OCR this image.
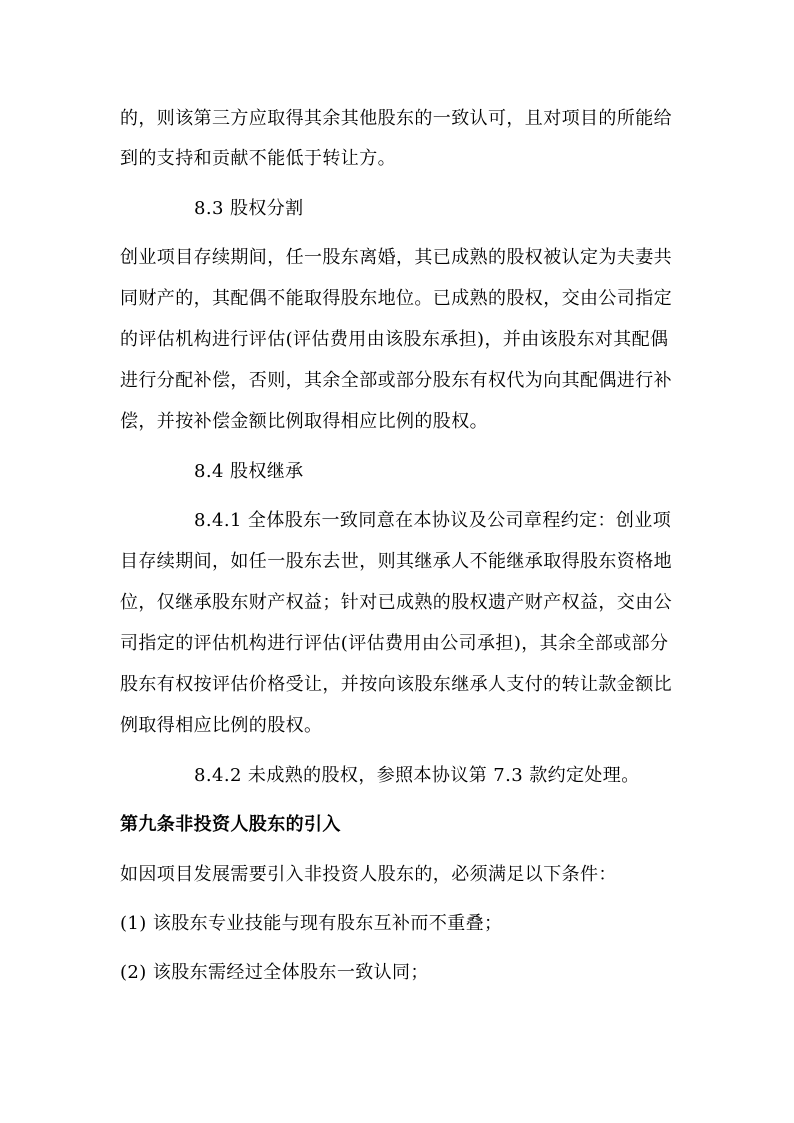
的，则该第三方应取得其余其他股东的一致认可，且对项目的所能给
到的支持和贡献不能低于转让方。
8.3 股权分割
创业项目存续期间，任一股东离婚，其已成熟的股权被认定为夫妻共
同财产的，其配偶不能取得股东地位。已成熟的股权，交由公司指定
的评估机构进行评估(评估费用由该股东承担)，并由该股东对其配偶
进行分配补偿，否则，其余全部或部分股东有权代为向其配偶进行补
偿，并按补偿金额比例取得相应比例的股权。
8.4 股权继承
8.4.1 全体股东一致同意在本协议及公司章程约定：创业项
目存续期间，如任一股东去世，则其继承人不能继承取得股东资格地
位，仅继承股东财产权益；针对已成熟的股权遗产财产权益，交由公
司指定的评估机构进行评估(评估费用由公司承担)，其余全部或部分
股东有权按评估价格受让，并按向该股东继承人支付的转让款金额比
例取得相应比例的股权。
8.4.2 未成熟的股权，参照本协议第 7.3 款约定处理。
第九条非投资人股东的引入
如因项目发展需要引入非投资人股东的，必须满足以下条件：
(1) 该股东专业技能与现有股东互补而不重叠；
(2) 该股东需经过全体股东一致认同；
